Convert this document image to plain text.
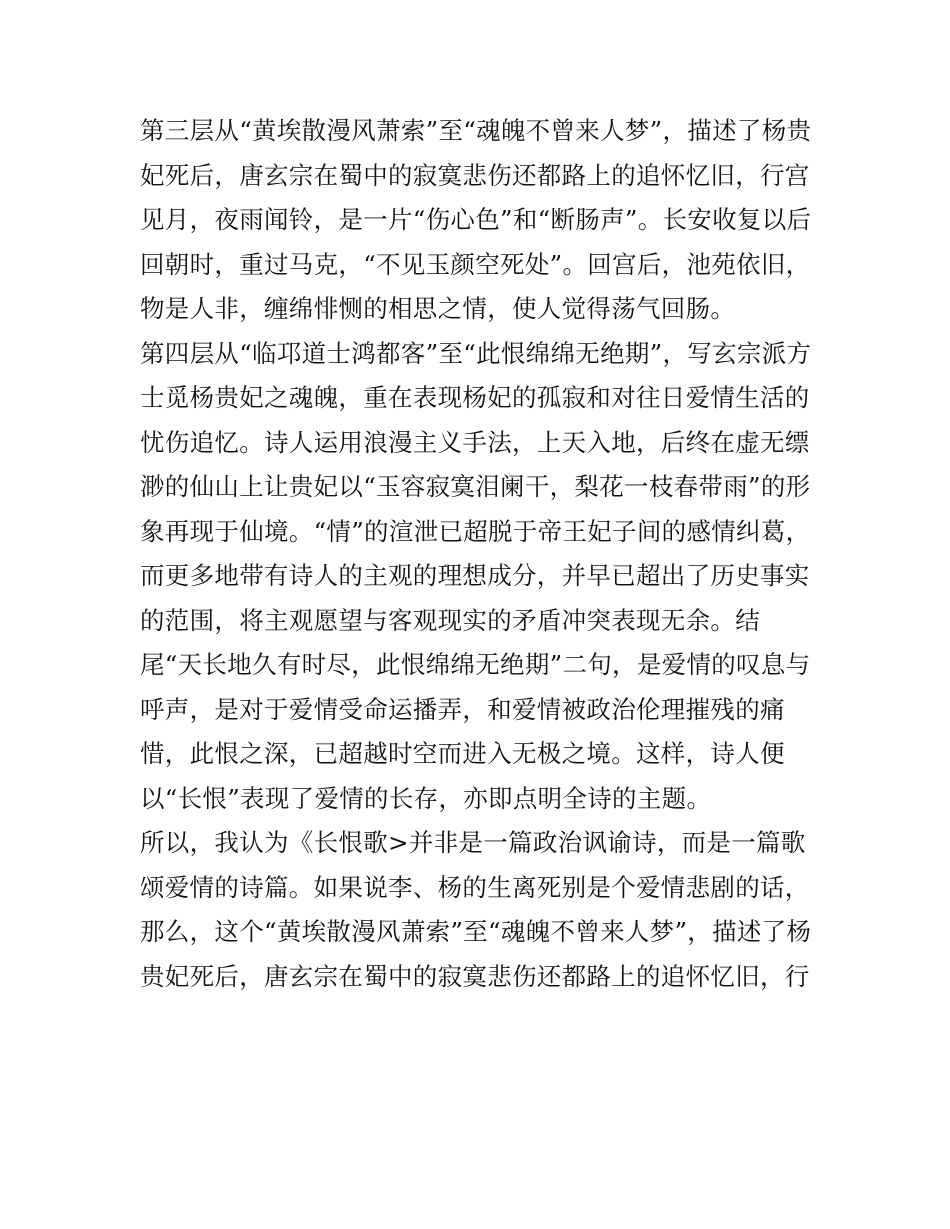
第三层从“黄埃散漫风萧索”至“魂魄不曾来人梦”，描述了杨贵
妃死后，唐玄宗在蜀中的寂寞悲伤还都路上的追怀忆旧，行宫
见月，夜雨闻铃，是一片“伤心色”和“断肠声”。长安收复以后
回朝时，重过马克，“不见玉颜空死处”。回宫后，池苑依旧，
物是人非，缠绵悱恻的相思之情，使人觉得荡气回肠。
第四层从“临邛道士鸿都客”至“此恨绵绵无绝期”，写玄宗派方
士觅杨贵妃之魂魄，重在表现杨妃的孤寂和对往日爱情生活的
忧伤追忆。诗人运用浪漫主义手法，上天入地，后终在虚无缥
渺的仙山上让贵妃以“玉容寂寞泪阑干，梨花一枝春带雨”的形
象再现于仙境。“情”的渲泄已超脱于帝王妃子间的感情纠葛，
而更多地带有诗人的主观的理想成分，并早已超出了历史事实
的范围，将主观愿望与客观现实的矛盾冲突表现无余。结
尾“天长地久有时尽，此恨绵绵无绝期”二句，是爱情的叹息与
呼声，是对于爱情受命运播弄，和爱情被政治伦理摧残的痛
惜，此恨之深，已超越时空而进入无极之境。这样，诗人便
以“长恨”表现了爱情的长存，亦即点明全诗的主题。
所以，我认为《长恨歌>并非是一篇政治讽谕诗，而是一篇歌
颂爱情的诗篇。如果说李、杨的生离死别是个爱情悲剧的话，
那么，这个“黄埃散漫风萧索”至“魂魄不曾来人梦”，描述了杨
贵妃死后，唐玄宗在蜀中的寂寞悲伤还都路上的追怀忆旧，行
